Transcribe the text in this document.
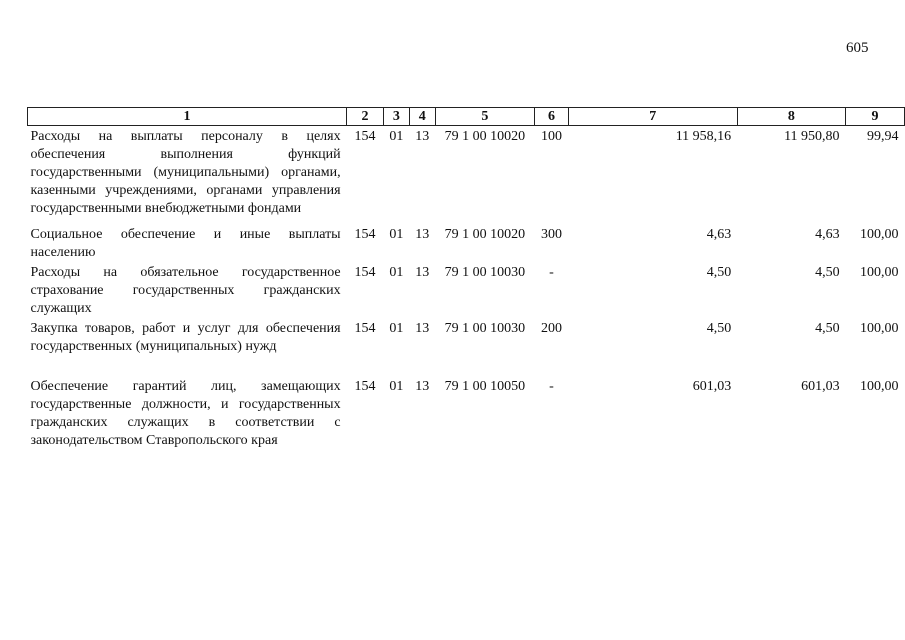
605
1	2	3	4	5	6	7	8	9
Расходы на выплаты персоналу в целях обеспечения выполнения функций государственными (муниципальными) органами, казенными учреждениями, органами управления государственными внебюджетными фондами	154	01	13	79 1 00 10020	100	11 958,16	11 950,80	99,94

Социальное обеспечение и иные выплаты населению	154	01	13	79 1 00 10020	300	4,63	4,63	100,00
Расходы на обязательное государственное страхование государственных гражданских служащих	154	01	13	79 1 00 10030	-	4,50	4,50	100,00
Закупка товаров, работ и услуг для обеспечения государственных (муниципальных) нужд	154	01	13	79 1 00 10030	200	4,50	4,50	100,00

Обеспечение гарантий лиц, замещающих государственные должности, и государственных гражданских служащих в соответствии с законодательством Ставропольского края	154	01	13	79 1 00 10050	-	601,03	601,03	100,00
